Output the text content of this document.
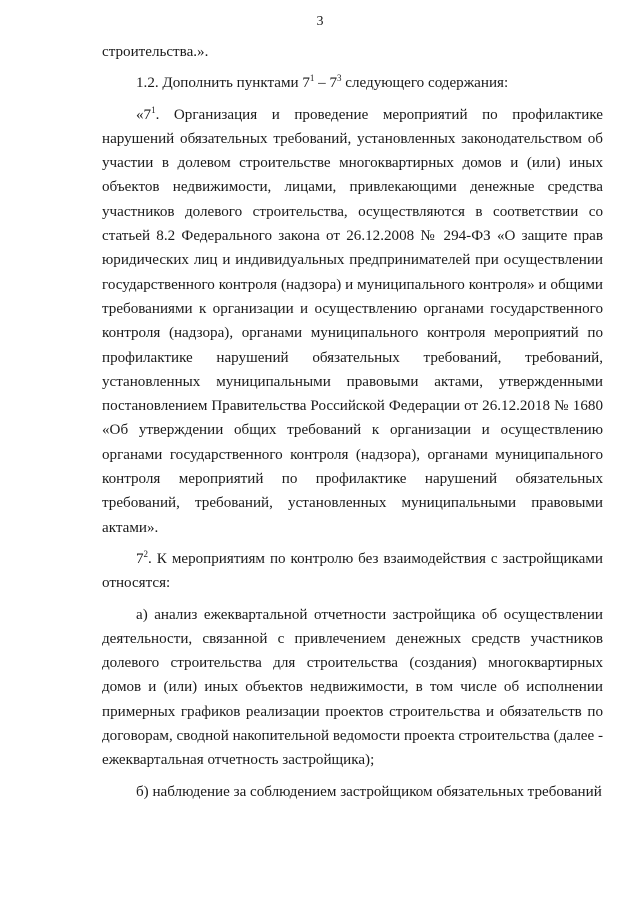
3

строительства.».

1.2. Дополнить пунктами $7^1 - 7^3$ следующего содержания:

«$7^1$. Организация и проведение мероприятий по профилактике нарушений обязательных требований, установленных законодательством об участии в долевом строительстве многоквартирных домов и (или) иных объектов недвижимости, лицами, привлекающими денежные средства участников долевого строительства, осуществляются в соответствии со статьей 8.2 Федерального закона от 26.12.2008 № 294-ФЗ «О защите прав юридических лиц и индивидуальных предпринимателей при осуществлении государственного контроля (надзора) и муниципального контроля» и общими требованиями к организации и осуществлению органами государственного контроля (надзора), органами муниципального контроля мероприятий по профилактике нарушений обязательных требований, требований, установленных муниципальными правовыми актами, утвержденными постановлением Правительства Российской Федерации от 26.12.2018 № 1680 «Об утверждении общих требований к организации и осуществлению органами государственного контроля (надзора), органами муниципального контроля мероприятий по профилактике нарушений обязательных требований, требований, установленных муниципальными правовыми актами».

$7^2$. К мероприятиям по контролю без взаимодействия с застройщиками относятся:

а) анализ ежеквартальной отчетности застройщика об осуществлении деятельности, связанной с привлечением денежных средств участников долевого строительства для строительства (создания) многоквартирных домов и (или) иных объектов недвижимости, в том числе об исполнении примерных графиков реализации проектов строительства и обязательств по договорам, сводной накопительной ведомости проекта строительства (далее - ежеквартальная отчетность застройщика);

б) наблюдение за соблюдением застройщиком обязательных требований
